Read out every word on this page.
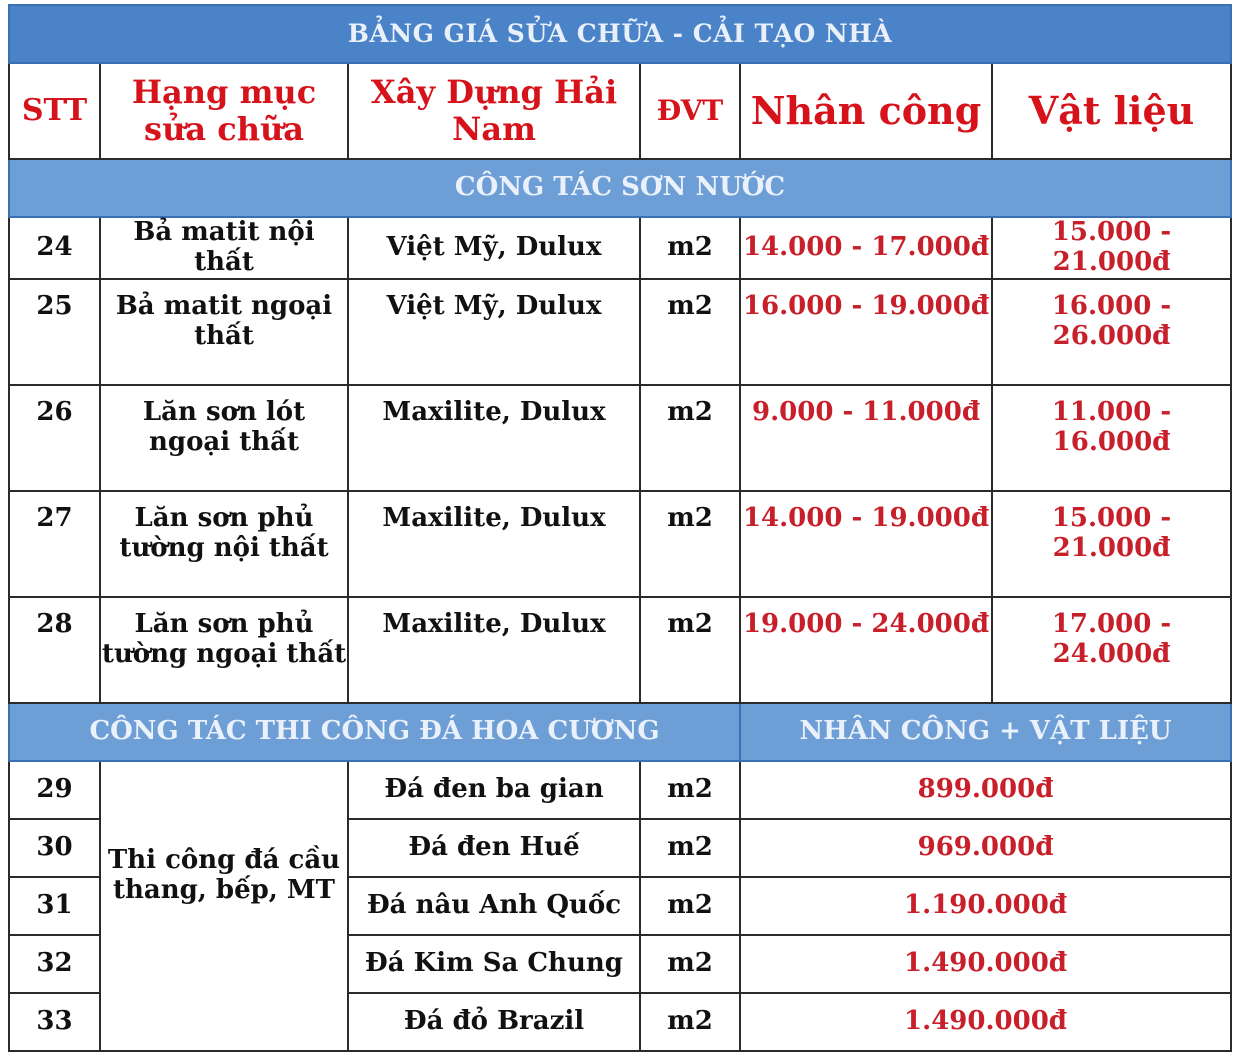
BẢNG GIÁ SỬA CHỮA - CẢI TẠO NHÀ					
STT	Hạng mục sửa chữa	Xây Dựng Hải Nam	ĐVT	Nhân công	Vật liệu
CÔNG TÁC SƠN NƯỚC					
24	Bả matit nội thất	Việt Mỹ, Dulux	m2	14.000 - 17.000đ	15.000 - 21.000đ
25	Bả matit ngoại thất	Việt Mỹ, Dulux	m2	16.000 - 19.000đ	16.000 - 26.000đ
26	Lăn sơn lót ngoại thất	Maxilite, Dulux	m2	9.000 - 11.000đ	11.000 - 16.000đ
27	Lăn sơn phủ tường nội thất	Maxilite, Dulux	m2	14.000 - 19.000đ	15.000 - 21.000đ
28	Lăn sơn phủ tường ngoại thất	Maxilite, Dulux	m2	19.000 - 24.000đ	17.000 - 24.000đ
CÔNG TÁC THI CÔNG ĐÁ HOA CƯƠNG				NHÂN CÔNG + VẬT LIỆU	
29	Thi công đá cầu thang, bếp, MT	Đá đen ba gian	m2	899.000đ	
30		Đá đen Huế	m2	969.000đ	
31		Đá nâu Anh Quốc	m2	1.190.000đ	
32		Đá Kim Sa Chung	m2	1.490.000đ	
33		Đá đỏ Brazil	m2	1.490.000đ	
